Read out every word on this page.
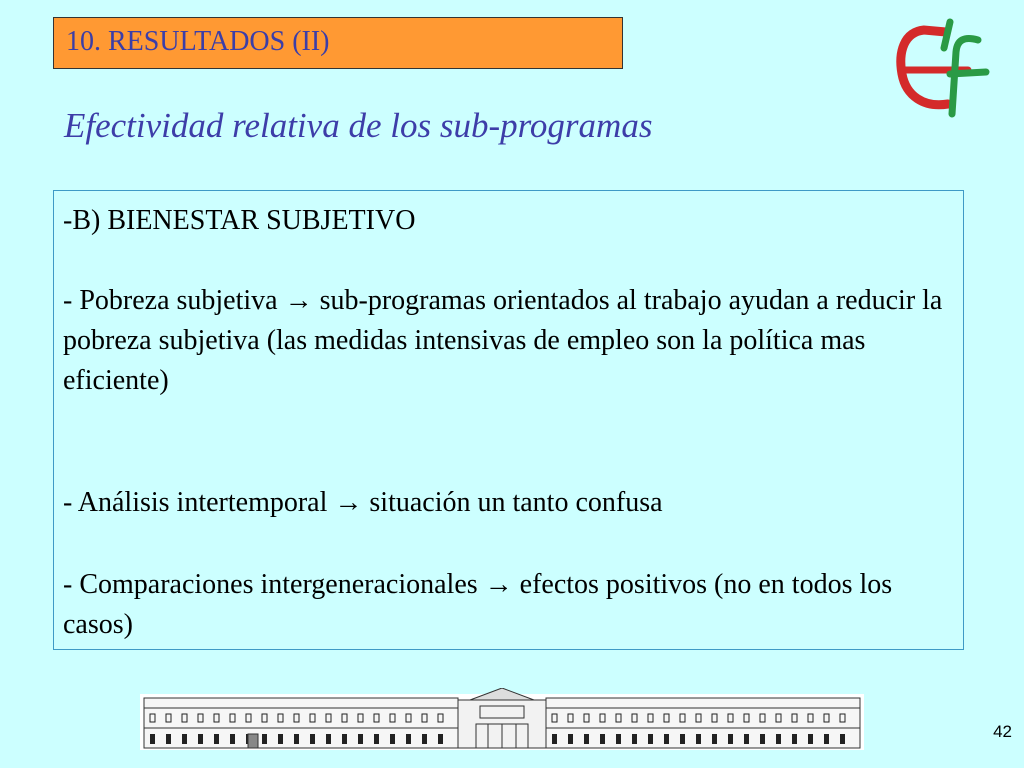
10. RESULTADOS (II)
Efectividad relativa de los sub-programas

-B) BIENESTAR SUBJETIVO

- Pobreza subjetiva → sub-programas orientados al trabajo ayudan a reducir la pobreza subjetiva (las medidas intensivas de empleo son la política mas eficiente)

- Análisis intertemporal → situación un tanto confusa

- Comparaciones intergeneracionales → efectos positivos (no en todos los casos)

42
